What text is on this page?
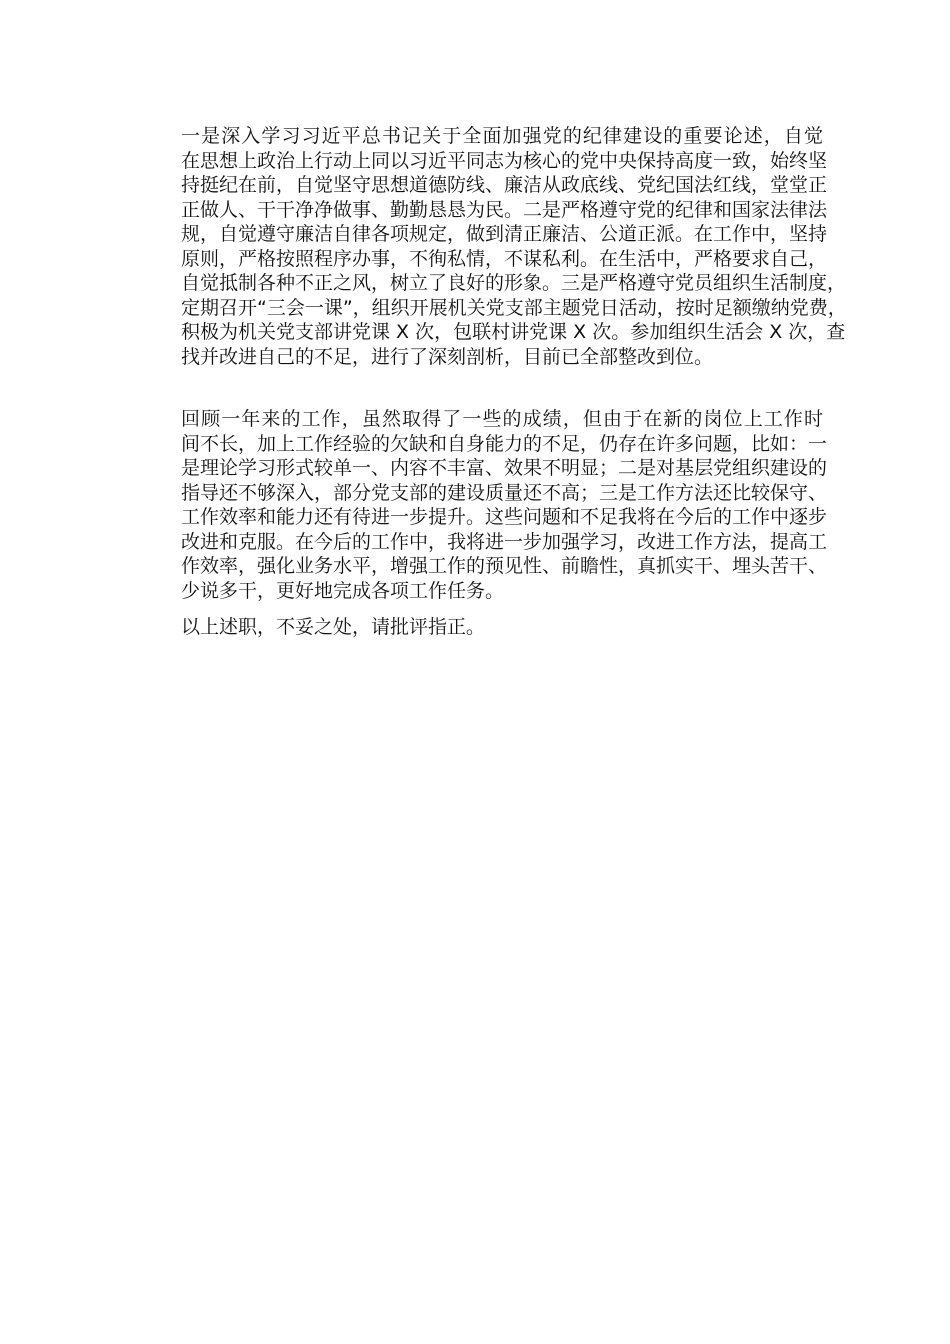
一是深入学习习近平总书记关于全面加强党的纪律建设的重要论述，自觉
在思想上政治上行动上同以习近平同志为核心的党中央保持高度一致，始终坚
持挺纪在前，自觉坚守思想道德防线、廉洁从政底线、党纪国法红线，堂堂正
正做人、干干净净做事、勤勤恳恳为民。二是严格遵守党的纪律和国家法律法
规，自觉遵守廉洁自律各项规定，做到清正廉洁、公道正派。在工作中，坚持
原则，严格按照程序办事，不徇私情，不谋私利。在生活中，严格要求自己，
自觉抵制各种不正之风，树立了良好的形象。三是严格遵守党员组织生活制度，
定期召开“三会一课”，组织开展机关党支部主题党日活动，按时足额缴纳党费，
积极为机关党支部讲党课 X 次，包联村讲党课 X 次。参加组织生活会 X 次，查
找并改进自己的不足，进行了深刻剖析，目前已全部整改到位。
回顾一年来的工作，虽然取得了一些的成绩，但由于在新的岗位上工作时
间不长，加上工作经验的欠缺和自身能力的不足，仍存在许多问题，比如：一
是理论学习形式较单一、内容不丰富、效果不明显；二是对基层党组织建设的
指导还不够深入，部分党支部的建设质量还不高；三是工作方法还比较保守、
工作效率和能力还有待进一步提升。这些问题和不足我将在今后的工作中逐步
改进和克服。在今后的工作中，我将进一步加强学习，改进工作方法，提高工
作效率，强化业务水平，增强工作的预见性、前瞻性，真抓实干、埋头苦干、
少说多干，更好地完成各项工作任务。
以上述职，不妥之处，请批评指正。
